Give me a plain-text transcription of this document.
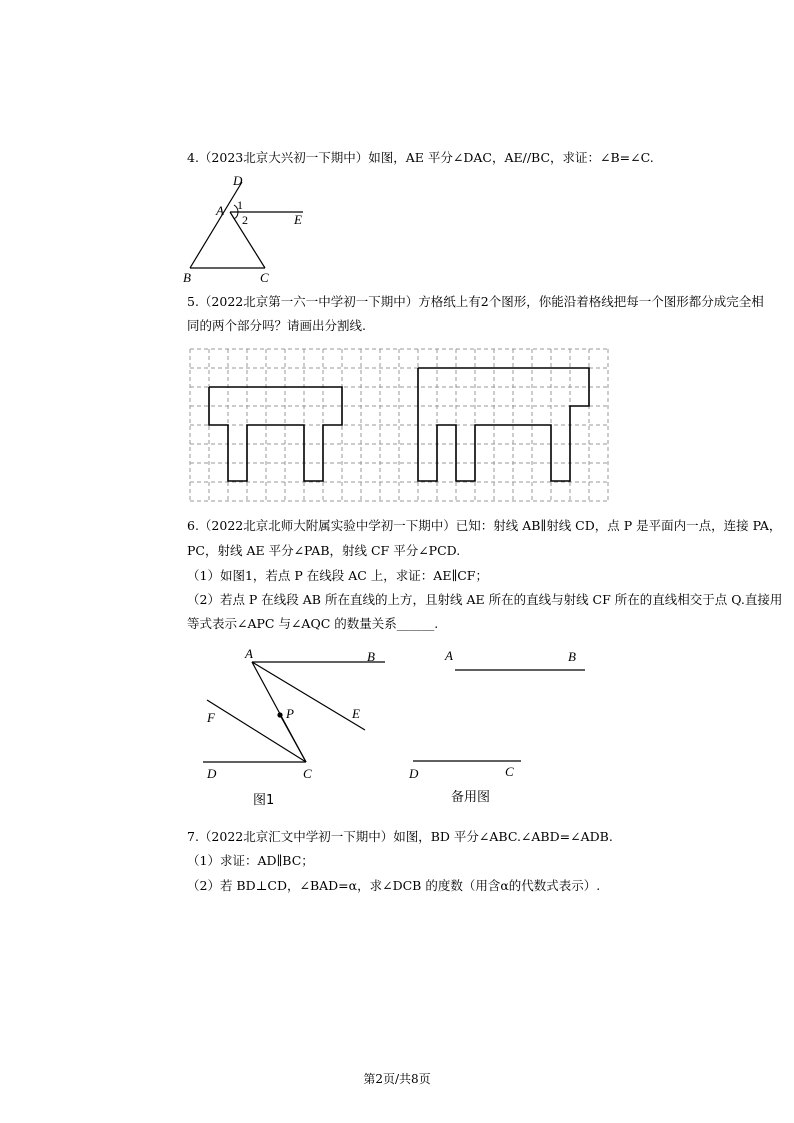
4.（2023北京大兴初一下期中）如图，AE 平分∠DAC，AE//BC，求证：∠B=∠C.
D
A 1
2	E
B	C
5.（2022北京第一六一中学初一下期中）方格纸上有2个图形，你能沿着格线把每一个图形都分成完全相
同的两个部分吗？请画出分割线.
6.（2022北京北师大附属实验中学初一下期中）已知：射线 AB∥射线 CD，点 P 是平面内一点，连接 PA，
PC，射线 AE 平分∠PAB，射线 CF 平分∠PCD.
（1）如图1，若点 P 在线段 AC 上，求证：AE∥CF；
（2）若点 P 在线段 AB 所在直线的上方，且射线 AE 所在的直线与射线 CF 所在的直线相交于点 Q.直接用
等式表示∠APC 与∠AQC 的数量关系______.
A	B
P
F	E
D	C
图1
A	B
D	C
备用图
7.（2022北京汇文中学初一下期中）如图，BD 平分∠ABC.∠ABD=∠ADB.
（1）求证：AD∥BC；
（2）若 BD⊥CD，∠BAD=α，求∠DCB 的度数（用含α的代数式表示）.
第2页/共8页
